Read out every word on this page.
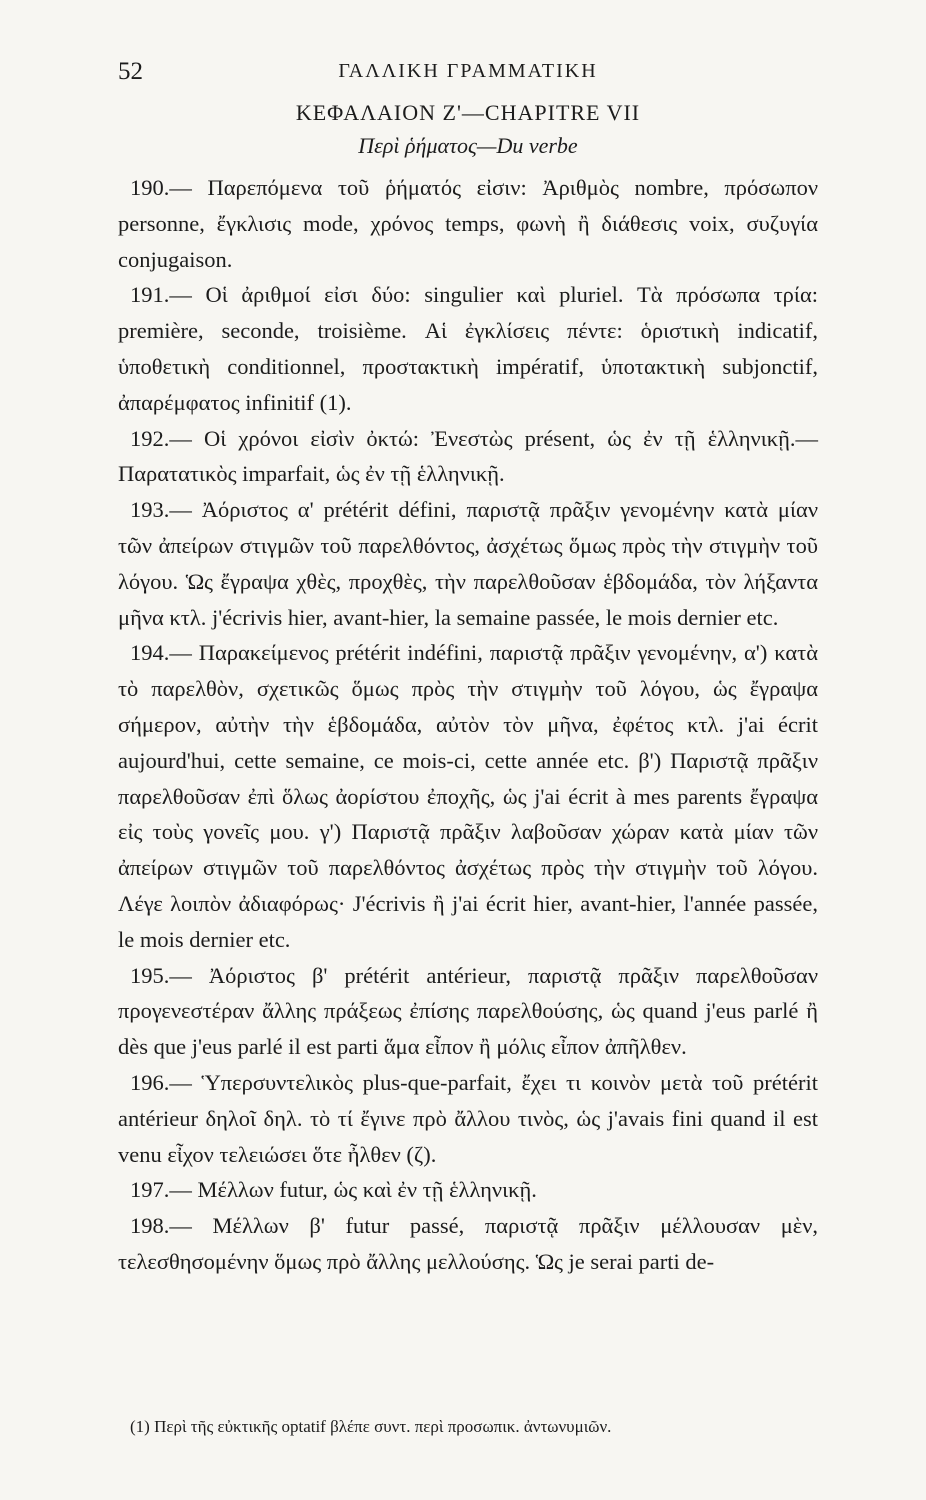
52	ΓΑΛΛΙΚΗ ΓΡΑΜΜΑΤΙΚΗ
ΚΕΦΑΛΑΙΟΝ Ζ'—CHAPITRE VII
Περὶ ῥήματος—Du verbe

190.— Παρεπόμενα τοῦ ῥήματός εἰσιν: Ἀριθμὸς nombre, πρόσωπον personne, ἔγκλισις mode, χρόνος temps, φωνὴ ἢ διάθεσις voix, συζυγία conjugaison.

191.— Οἱ ἀριθμοί εἰσι δύο: singulier καὶ pluriel. Τὰ πρόσωπα τρία: première, seconde, troisième. Αἱ ἐγκλίσεις πέντε: ὁριστικὴ indicatif, ὑποθετικὴ conditionnel, προστακτικὴ impératif, ὑποτακτικὴ subjonctif, ἀπαρέμφατος infinitif (1).

192.— Οἱ χρόνοι εἰσὶν ὀκτώ: Ἐνεστὼς présent, ὡς ἐν τῇ ἑλληνικῇ.— Παρατατικὸς imparfait, ὡς ἐν τῇ ἑλληνικῇ.

193.— Ἀόριστος α' prétérit défini, παριστᾷ πρᾶξιν γενομένην κατὰ μίαν τῶν ἀπείρων στιγμῶν τοῦ παρελθόντος, ἀσχέτως ὅμως πρὸς τὴν στιγμὴν τοῦ λόγου. Ὡς ἔγραψα χθὲς, προχθὲς, τὴν παρελθοῦσαν ἑβδομάδα, τὸν λήξαντα μῆνα κτλ. j'écrivis hier, avant-hier, la semaine passée, le mois dernier etc.

194.— Παρακείμενος prétérit indéfini, παριστᾷ πρᾶξιν γενομένην, α') κατὰ τὸ παρελθὸν, σχετικῶς ὅμως πρὸς τὴν στιγμὴν τοῦ λόγου, ὡς ἔγραψα σήμερον, αὐτὴν τὴν ἑβδομάδα, αὐτὸν τὸν μῆνα, ἐφέτος κτλ. j'ai écrit aujourd'hui, cette semaine, ce mois-ci, cette année etc. β') Παριστᾷ πρᾶξιν παρελθοῦσαν ἐπὶ ὅλως ἀορίστου ἐποχῆς, ὡς j'ai écrit à mes parents ἔγραψα εἰς τοὺς γονεῖς μου. γ') Παριστᾷ πρᾶξιν λαβοῦσαν χώραν κατὰ μίαν τῶν ἀπείρων στιγμῶν τοῦ παρελθόντος ἀσχέτως πρὸς τὴν στιγμὴν τοῦ λόγου. Λέγε λοιπὸν ἀδιαφόρως· J'écrivis ἢ j'ai écrit hier, avant-hier, l'année passée, le mois dernier etc.

195.— Ἀόριστος β' prétérit antérieur, παριστᾷ πρᾶξιν παρελθοῦσαν προγενεστέραν ἄλλης πράξεως ἐπίσης παρελθούσης, ὡς quand j'eus parlé ἢ dès que j'eus parlé il est parti ἅμα εἶπον ἢ μόλις εἶπον ἀπῆλθεν.

196.— Ὑπερσυντελικὸς plus-que-parfait, ἔχει τι κοινὸν μετὰ τοῦ prétérit antérieur δηλοῖ δηλ. τὸ τί ἔγινε πρὸ ἄλλου τινὸς, ὡς j'avais fini quand il est venu εἶχον τελειώσει ὅτε ἦλθεν (ζ).

197.— Μέλλων futur, ὡς καὶ ἐν τῇ ἑλληνικῇ.

198.— Μέλλων β' futur passé, παριστᾷ πρᾶξιν μέλλουσαν μὲν, τελεσθησομένην ὅμως πρὸ ἄλλης μελλούσης. Ὡς je serai parti de-

(1) Περὶ τῆς εὐκτικῆς optatif βλέπε συντ. περὶ προσωπικ. ἀντωνυμιῶν.
